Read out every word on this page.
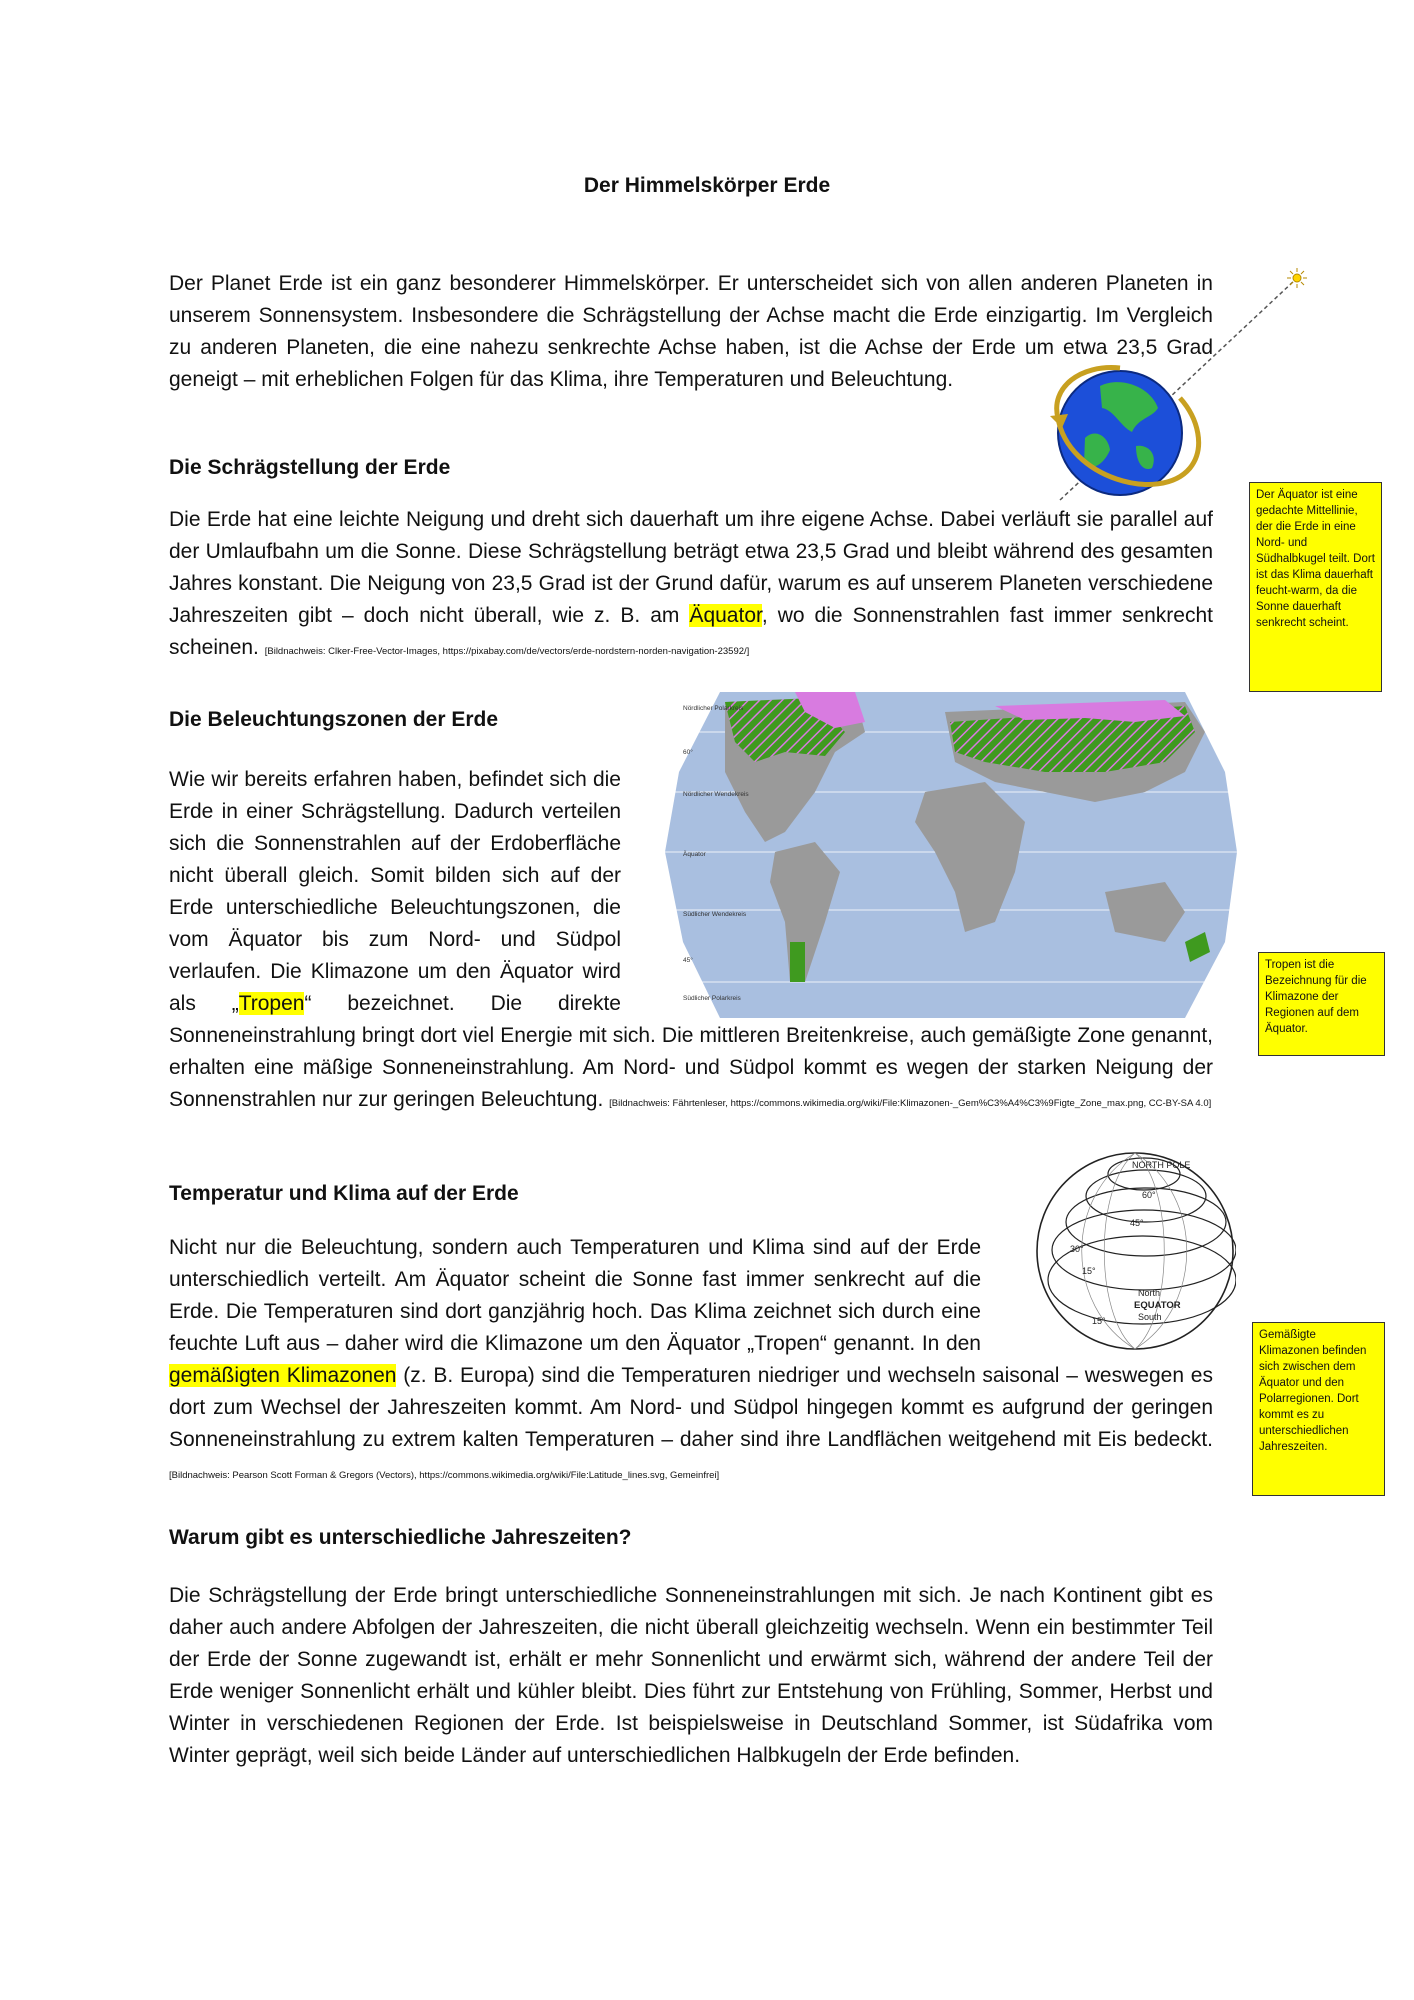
Der Himmelskörper Erde
Der Planet Erde ist ein ganz besonderer Himmelskörper. Er unterscheidet sich von allen anderen Planeten in unserem Sonnensystem. Insbesondere die Schrägstellung der Achse macht die Erde einzigartig. Im Vergleich zu anderen Planeten, die eine nahezu senkrechte Achse haben, ist die Achse der Erde um etwa 23,5 Grad geneigt – mit erheblichen Folgen für das Klima, ihre Temperaturen und Beleuchtung.
Die Schrägstellung der Erde
Die Erde hat eine leichte Neigung und dreht sich dauerhaft um ihre eigene Achse. Dabei verläuft sie parallel auf der Umlaufbahn um die Sonne. Diese Schrägstellung beträgt etwa 23,5 Grad und bleibt während des gesamten Jahres konstant. Die Neigung von 23,5 Grad ist der Grund dafür, warum es auf unserem Planeten verschiedene Jahreszeiten gibt – doch nicht überall, wie z. B. am Äquator, wo die Sonnenstrahlen fast immer senkrecht scheinen. [Bildnachweis: Clker-Free-Vector-Images, https://pixabay.com/de/vectors/erde-nordstern-norden-navigation-23592/]
Der Äquator ist eine gedachte Mittellinie, der die Erde in eine Nord- und Südhalbkugel teilt. Dort ist das Klima dauerhaft feucht-warm, da die Sonne dauerhaft senkrecht scheint.
Die Beleuchtungszonen der Erde	Nördlicher Polarkreis
60°
Nördlicher Wendekreis
Äquator
Südlicher Wendekreis
45°
Südlicher Polarkreis
Wie wir bereits erfahren haben, befindet sich die Erde in einer Schrägstellung. Dadurch verteilen sich die Sonnenstrahlen auf der Erdoberfläche nicht überall gleich. Somit bilden sich auf der Erde unterschiedliche Beleuchtungszonen, die vom Äquator bis zum Nord- und Südpol verlaufen. Die Klimazone um den Äquator wird als „Tropen“ bezeichnet. Die direkte Sonneneinstrahlung bringt dort viel Energie mit sich. Die mittleren Breitenkreise, auch gemäßigte Zone genannt, erhalten eine mäßige Sonneneinstrahlung. Am Nord- und Südpol kommt es wegen der starken Neigung der Sonnenstrahlen nur zur geringen Beleuchtung. [Bildnachweis: Fährtenleser, https://commons.wikimedia.org/wiki/File:Klimazonen-_Gem%C3%A4%C3%9Figte_Zone_max.png, CC-BY-SA 4.0]
Tropen ist die Bezeichnung für die Klimazone der Regionen auf dem Äquator.
Temperatur und Klima auf der Erde
NORTH POLE
60°
45°
30°
15°
North
EQUATOR
South
15°
Nicht nur die Beleuchtung, sondern auch Temperaturen und Klima sind auf der Erde unterschiedlich verteilt. Am Äquator scheint die Sonne fast immer senkrecht auf die Erde. Die Temperaturen sind dort ganzjährig hoch. Das Klima zeichnet sich durch eine feuchte Luft aus – daher wird die Klimazone um den Äquator „Tropen“ genannt. In den gemäßigten Klimazonen (z. B. Europa) sind die Temperaturen niedriger und wechseln saisonal – weswegen es dort zum Wechsel der Jahreszeiten kommt. Am Nord- und Südpol hingegen kommt es aufgrund der geringen Sonneneinstrahlung zu extrem kalten Temperaturen – daher sind ihre Landflächen weitgehend mit Eis bedeckt. [Bildnachweis: Pearson Scott Forman & Gregors (Vectors), https://commons.wikimedia.org/wiki/File:Latitude_lines.svg, Gemeinfrei]
Gemäßigte Klimazonen befinden sich zwischen dem Äquator und den Polarregionen. Dort kommt es zu unterschiedlichen Jahreszeiten.
Warum gibt es unterschiedliche Jahreszeiten?
Die Schrägstellung der Erde bringt unterschiedliche Sonneneinstrahlungen mit sich. Je nach Kontinent gibt es daher auch andere Abfolgen der Jahreszeiten, die nicht überall gleichzeitig wechseln. Wenn ein bestimmter Teil der Erde der Sonne zugewandt ist, erhält er mehr Sonnenlicht und erwärmt sich, während der andere Teil der Erde weniger Sonnenlicht erhält und kühler bleibt. Dies führt zur Entstehung von Frühling, Sommer, Herbst und Winter in verschiedenen Regionen der Erde. Ist beispielsweise in Deutschland Sommer, ist Südafrika vom Winter geprägt, weil sich beide Länder auf unterschiedlichen Halbkugeln der Erde befinden.
